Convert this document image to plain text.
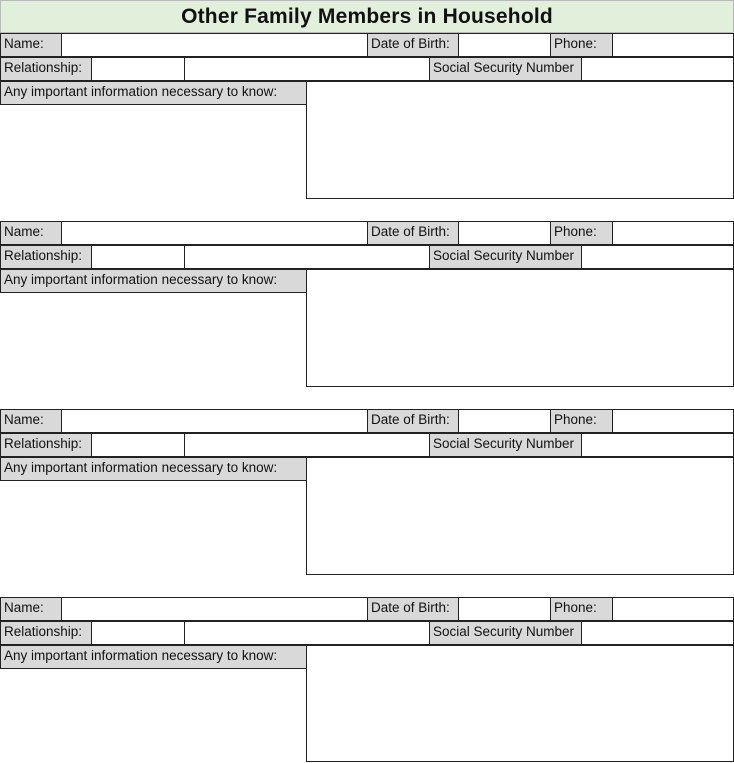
Other Family Members in Household
Name:	Date of Birth:	Phone:
Relationship:	Social Security Number
Any important information necessary to know:
Name:	Date of Birth:	Phone:
Relationship:	Social Security Number
Any important information necessary to know:
Name:	Date of Birth:	Phone:
Relationship:	Social Security Number
Any important information necessary to know:
Name:	Date of Birth:	Phone:
Relationship:	Social Security Number
Any important information necessary to know:
